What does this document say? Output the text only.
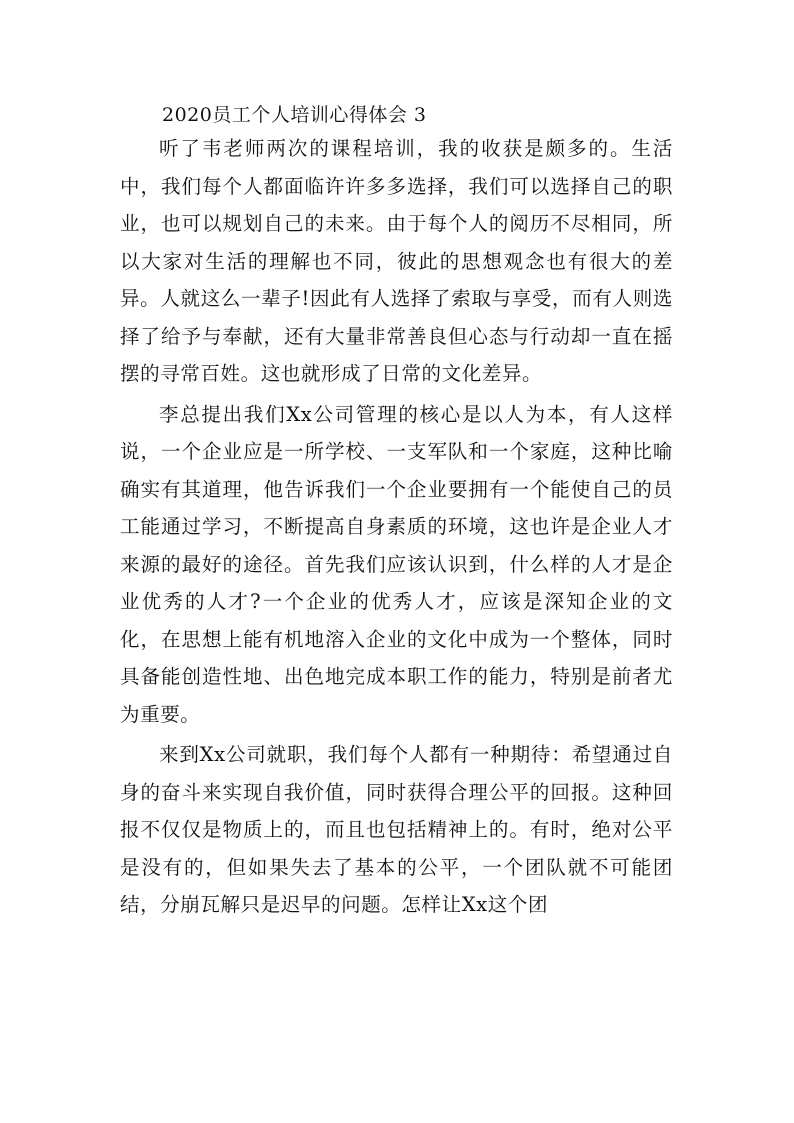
2020员工个人培训心得体会 3

听了韦老师两次的课程培训，我的收获是颇多的。生活中，我们每个人都面临许许多多选择，我们可以选择自己的职业，也可以规划自己的未来。由于每个人的阅历不尽相同，所以大家对生活的理解也不同，彼此的思想观念也有很大的差异。人就这么一辈子!因此有人选择了索取与享受，而有人则选择了给予与奉献，还有大量非常善良但心态与行动却一直在摇摆的寻常百姓。这也就形成了日常的文化差异。

李总提出我们Xx公司管理的核心是以人为本，有人这样说，一个企业应是一所学校、一支军队和一个家庭，这种比喻确实有其道理，他告诉我们一个企业要拥有一个能使自己的员工能通过学习，不断提高自身素质的环境，这也许是企业人才来源的最好的途径。首先我们应该认识到，什么样的人才是企业优秀的人才?一个企业的优秀人才，应该是深知企业的文化，在思想上能有机地溶入企业的文化中成为一个整体，同时具备能创造性地、出色地完成本职工作的能力，特别是前者尤为重要。

来到Xx公司就职，我们每个人都有一种期待：希望通过自身的奋斗来实现自我价值，同时获得合理公平的回报。这种回报不仅仅是物质上的，而且也包括精神上的。有时，绝对公平是没有的，但如果失去了基本的公平，一个团队就不可能团结，分崩瓦解只是迟早的问题。怎样让Xx这个团
